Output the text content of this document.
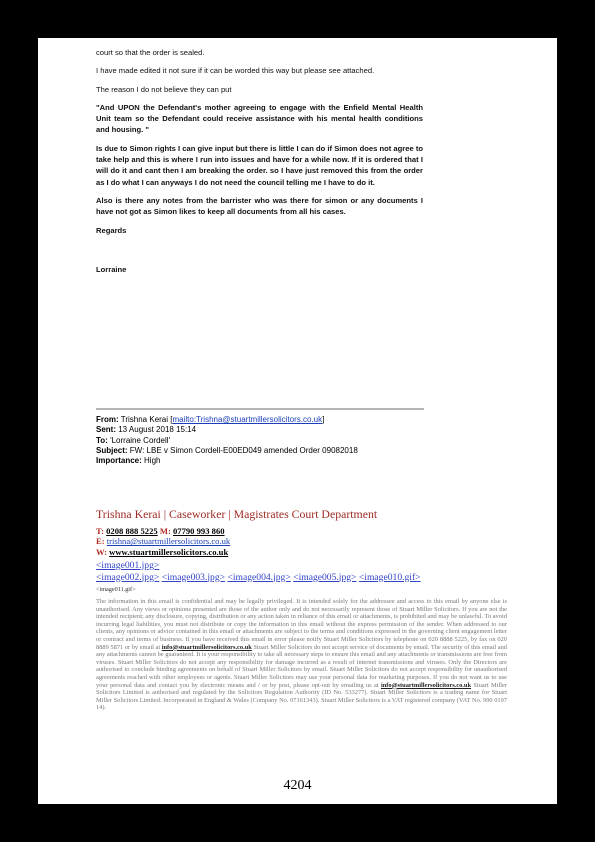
court so that the order is sealed.

I have made edited it not sure if it can be worded this way but please see attached.

The reason I do not believe they can put

"And UPON the Defendant's mother agreeing to engage with the Enfield Mental Health Unit team so the Defendant could receive assistance with his mental health conditions and housing. "

Is due to Simon rights I can give input but there is little I can do if Simon does not agree to take help and this is where I run into issues and have for a while now. If it is ordered that I will do it and cant then I am breaking the order. so I have just removed this from the order as I do what I can anyways I do not need the council telling me I have to do it.

Also is there any notes from the barrister who was there for simon or any documents I have not got as Simon likes to keep all documents from all his cases.

Regards

Lorraine

From: Trishna Kerai [mailto:Trishna@stuartmillersolicitors.co.uk]
Sent: 13 August 2018 15:14
To: 'Lorraine Cordell'
Subject: FW: LBE v Simon Cordell-E00ED049 amended Order 09082018
Importance: High
Trishna Kerai | Caseworker | Magistrates Court Department
T: 0208 888 5225 M: 07790 993 860
E: trishna@stuartmillersolicitors.co.uk
W: www.stuartmillersolicitors.co.uk
<image001.jpg>
<image002.jpg> <image003.jpg> <image004.jpg> <image005.jpg> <image010.gif>
<image011.gif>
The information in this email is confidential and may be legally privileged. It is intended solely for the addressee and access to this email by anyone else is unauthorised. Any views or opinions presented are those of the author only and do not necessarily represent those of Stuart Miller Solicitors. If you are not the intended recipient; any disclosure, copying, distribution or any action taken in reliance of this email or attachments, is prohibited and may be unlawful. To avoid incurring legal liabilities, you must not distribute or copy the information in this email without the express permission of the sender. When addressed to our clients, any opinions or advice contained in this email or attachments are subject to the terms and conditions expressed in the governing client engagement letter or contract and terms of business. If you have received this email in error please notify Stuart Miller Solicitors by telephone on 020 8888 5225, by fax on 020 8889 5871 or by email at info@stuartmillersolicitors.co.uk Stuart Miller Solicitors do not accept service of documents by email. The security of this email and any attachments cannot be guaranteed. It is your responsibility to take all necessary steps to ensure this email and any attachments or transmissions are free from viruses. Stuart Miller Solicitors do not accept any responsibility for damage incurred as a result of internet transmissions and viruses. Only the Directors are authorised to conclude binding agreements on behalf of Stuart Miller Solicitors by email. Stuart Miller Solicitors do not accept responsibility for unauthorised agreements reached with other employees or agents. Stuart Miller Solicitors may use your personal data for marketing purposes. If you do not want us to use your personal data and contact you by electronic means and / or by post, please opt-out by emailing us at info@stuartmillersolicitors.co.uk Stuart Miller Solicitors Limited is authorised and regulated by the Solicitors Regulation Authority (ID No. 533277). Stuart Miller Solicitors is a trading name for Stuart Miller Solicitors Limited. Incorporated in England & Wales (Company No. 07161343). Stuart Miller Solicitors is a VAT registered company (VAT No. 990 0197 14).
4204
